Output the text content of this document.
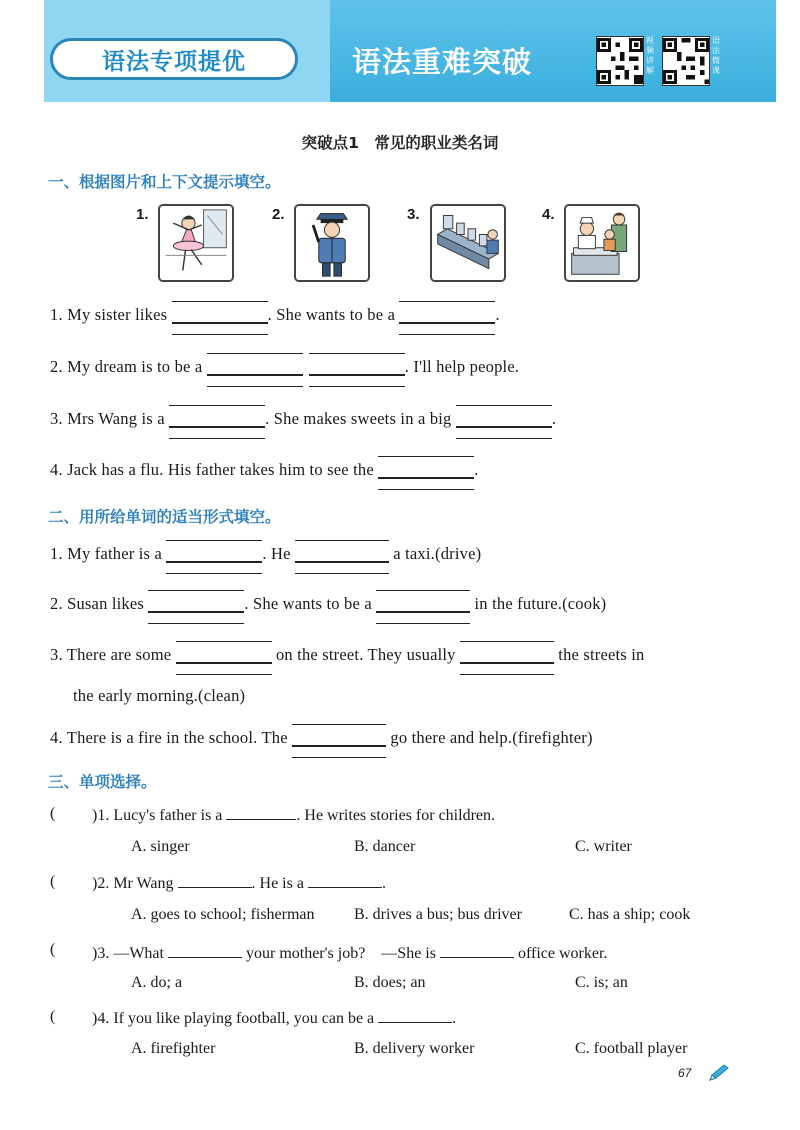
语法专项提优	语法重难突破
视频讲解
语法微课
突破点1　常见的职业类名词
一、根据图片和上下文提示填空。
1.	2.	3.	4.
1. My sister likes	. She wants to be a	.
2. My dream is to be a	. I'll help people.
3. Mrs Wang is a	. She makes sweets in a big	.
4. Jack has a flu. His father takes him to see the	.
二、用所给单词的适当形式填空。
1. My father is a	. He	a taxi.(drive)
2. Susan likes	. She wants to be a	in the future.(cook)
3. There are some	on the street. They usually	the streets in
the early morning.(clean)
4. There is a fire in the school. The	go there and help.(firefighter)
三、单项选择。
( )1. Lucy's father is a	. He writes stories for children.
A. singer	B. dancer	C. writer
( )2. Mr Wang	. He is a	.
A. goes to school; fisherman B. drives a bus; bus driver	C. has a ship; cook
( )3. —What	your mother's job?　—She is	office worker.
A. do; a	B. does; an	C. is; an
( )4. If you like playing football, you can be a	.
A. firefighter	B. delivery worker	C. football player
67
